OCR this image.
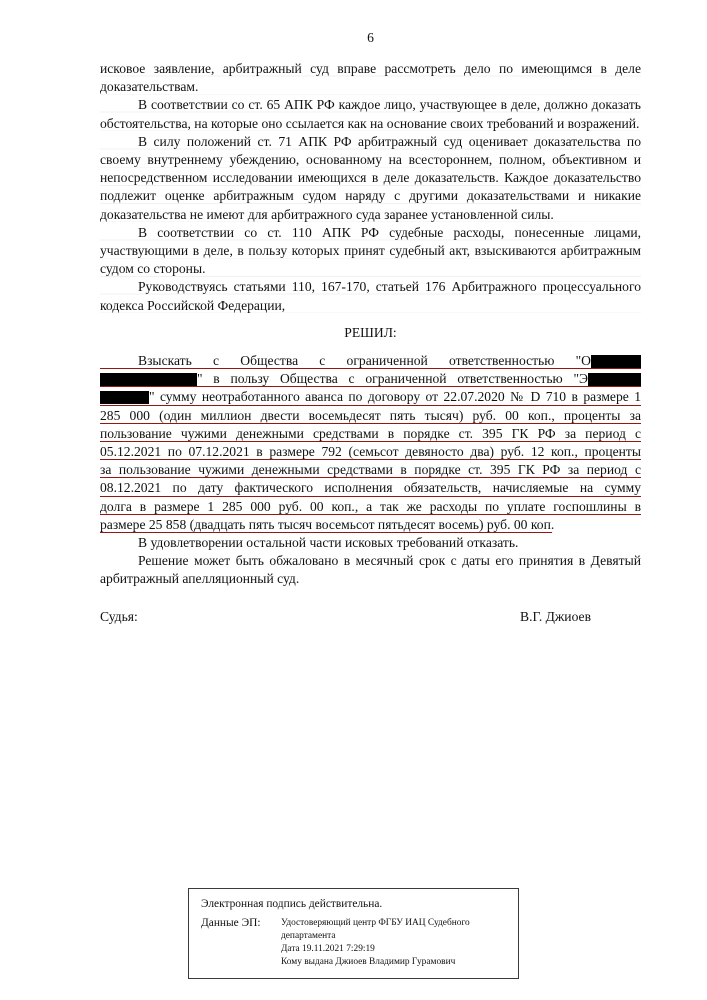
6

исковое заявление, арбитражный суд вправе рассмотреть дело по имеющимся в деле доказательствам.

В соответствии со ст. 65 АПК РФ каждое лицо, участвующее в деле, должно доказать обстоятельства, на которые оно ссылается как на основание своих требований и возражений.

В силу положений ст. 71 АПК РФ арбитражный суд оценивает доказательства по своему внутреннему убеждению, основанному на всестороннем, полном, объективном и непосредственном исследовании имеющихся в деле доказательств. Каждое доказательство подлежит оценке арбитражным судом наряду с другими доказательствами и никакие доказательства не имеют для арбитражного суда заранее установленной силы.

В соответствии со ст. 110 АПК РФ судебные расходы, понесенные лицами, участвующими в деле, в пользу которых принят судебный акт, взыскиваются арбитражным судом со стороны.

Руководствуясь статьями 110, 167-170, статьей 176 Арбитражного процессуального кодекса Российской Федерации,

РЕШИЛ:

Взыскать с Общества с ограниченной ответственностью "О
" в пользу Общества с ограниченной ответственностью "Э
" сумму неотработанного аванса по договору от 22.07.2020 № D 710 в размере 1
285 000 (один миллион двести восемьдесят пять тысяч) руб. 00 коп., проценты за
пользование чужими денежными средствами в порядке ст. 395 ГК РФ за период с
05.12.2021 по 07.12.2021 в размере 792 (семьсот девяносто два) руб. 12 коп., проценты
за пользование чужими денежными средствами в порядке ст. 395 ГК РФ за период с
08.12.2021 по дату фактического исполнения обязательств, начисляемые на сумму
долга в размере 1 285 000 руб. 00 коп., а так же расходы по уплате госпошлины в
размере 25 858 (двадцать пять тысяч восемьсот пятьдесят восемь) руб. 00 коп.

В удовлетворении остальной части исковых требований отказать.

Решение может быть обжаловано в месячный срок с даты его принятия в Девятый арбитражный апелляционный суд.

Судья:	В.Г. Джиоев
Электронная подпись действительна.
Данные ЭП:	Удостоверяющий центр ФГБУ ИАЦ Судебного департамента
Дата 19.11.2021 7:29:19
Кому выдана Джиоев Владимир Гурамович
